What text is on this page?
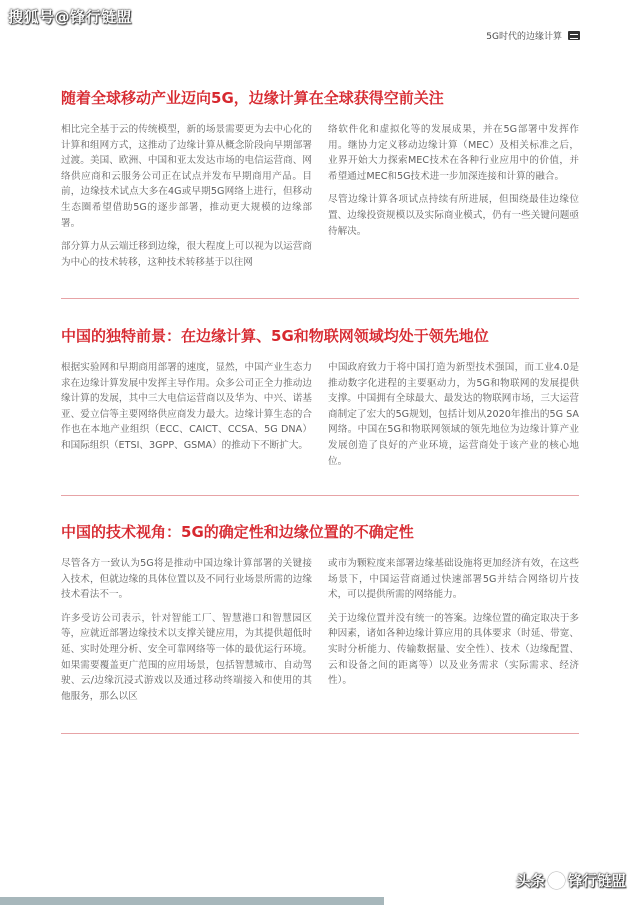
搜狐号@锋行链盟
5G时代的边缘计算
随着全球移动产业迈向5G，边缘计算在全球获得空前关注

相比完全基于云的传统模型，新的场景需要更为去中心化的计算和组网方式，这推动了边缘计算从概念阶段向早期部署过渡。美国、欧洲、中国和亚太发达市场的电信运营商、网络供应商和云服务公司正在试点并发布早期商用产品。目前，边缘技术试点大多在4G或早期5G网络上进行，但移动生态圈希望借助5G的逐步部署，推动更大规模的边缘部署。

部分算力从云端迁移到边缘，很大程度上可以视为以运营商为中心的技术转移，这种技术转移基于以往网

络软件化和虚拟化等的发展成果，并在5G部署中发挥作用。继协力定义移动边缘计算（MEC）及相关标准之后，业界开始大力探索MEC技术在各种行业应用中的价值，并希望通过MEC和5G技术进一步加深连接和计算的融合。

尽管边缘计算各项试点持续有所进展，但围绕最佳边缘位置、边缘投资规模以及实际商业模式，仍有一些关键问题亟待解决。

中国的独特前景：在边缘计算、5G和物联网领域均处于领先地位

根据实验网和早期商用部署的速度，显然，中国产业生态力求在边缘计算发展中发挥主导作用。众多公司正全力推动边缘计算的发展，其中三大电信运营商以及华为、中兴、诺基亚、爱立信等主要网络供应商发力最大。边缘计算生态的合作也在本地产业组织（ECC、CAICT、CCSA、5G DNA）和国际组织（ETSI、3GPP、GSMA）的推动下不断扩大。

中国政府致力于将中国打造为新型技术强国，而工业4.0是推动数字化进程的主要驱动力，为5G和物联网的发展提供支撑。中国拥有全球最大、最发达的物联网市场，三大运营商制定了宏大的5G规划，包括计划从2020年推出的5G SA网络。中国在5G和物联网领域的领先地位为边缘计算产业发展创造了良好的产业环境，运营商处于该产业的核心地位。

中国的技术视角：5G的确定性和边缘位置的不确定性

尽管各方一致认为5G将是推动中国边缘计算部署的关键接入技术，但就边缘的具体位置以及不同行业场景所需的边缘技术看法不一。

许多受访公司表示，针对智能工厂、智慧港口和智慧园区等，应就近部署边缘技术以支撑关键应用，为其提供超低时延、实时处理分析、安全可靠网络等一体的最优运行环境。如果需要覆盖更广范围的应用场景，包括智慧城市、自动驾驶、云/边缘沉浸式游戏以及通过移动终端接入和使用的其他服务，那么以区

或市为颗粒度来部署边缘基础设施将更加经济有效，在这些场景下，中国运营商通过快速部署5G并结合网络切片技术，可以提供所需的网络能力。

关于边缘位置并没有统一的答案。边缘位置的确定取决于多种因素，诸如各种边缘计算应用的具体要求（时延、带宽、实时分析能力、传输数据量、安全性）、技术（边缘配置、云和设备之间的距离等）以及业务需求（实际需求、经济性）。

头条 锋行链盟
